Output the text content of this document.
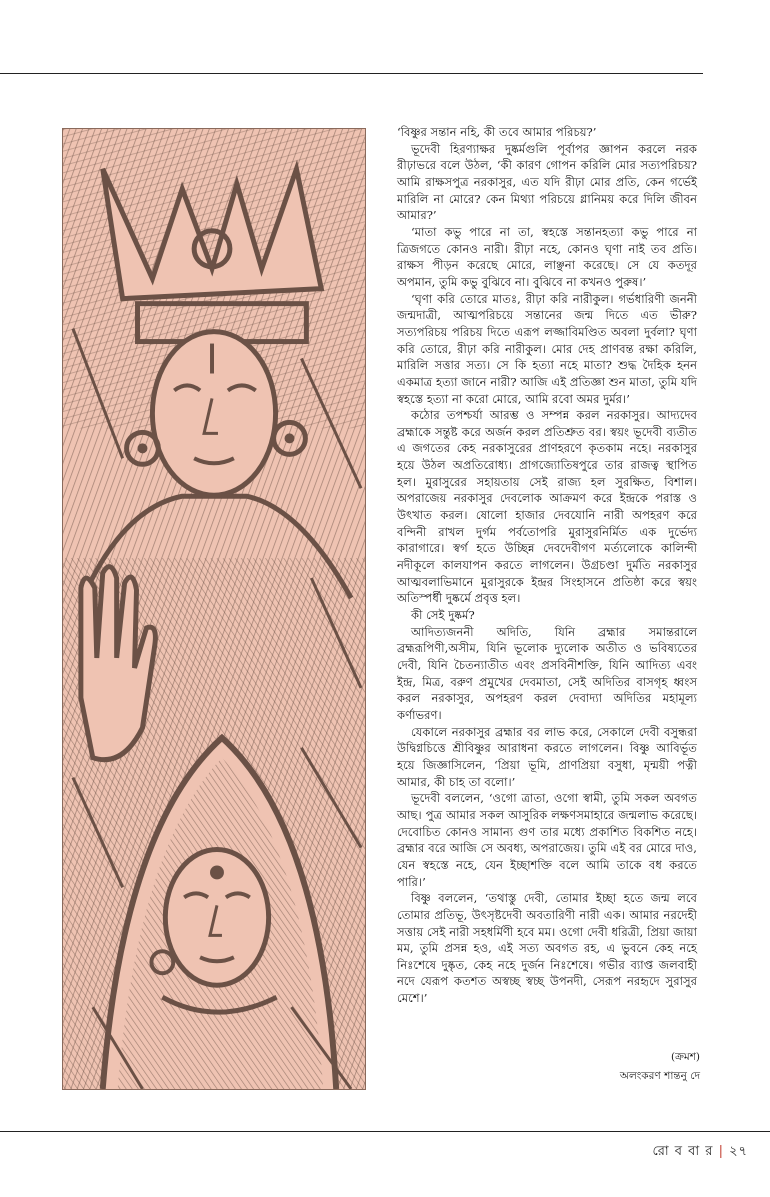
‘বিষ্ণুর সন্তান নহি, কী তবে আমার পরিচয়?’

ভূদেবী হিরণ্যাক্ষর দুষ্কর্মগুলি পূর্বাপর জ্ঞাপন করলে নরক রীঢ়াভরে বলে উঠল, ‘কী কারণ গোপন করিলি মোর সত্যপরিচয়? আমি রাক্ষসপুত্র নরকাসুর, এত যদি রীঢ়া মোর প্রতি, কেন গর্ভেই মারিলি না মোরে? কেন মিথ্যা পরিচয়ে গ্লানিময় করে দিলি জীবন আমার?’

‘মাতা কভু পারে না তা, স্বহস্তে সন্তানহত্যা কভু পারে না ত্রিজগতে কোনও নারী। রীঢ়া নহে, কোনও ঘৃণা নাই তব প্রতি। রাক্ষস পীড়ন করেছে মোরে, লাঞ্ছনা করেছে। সে যে কতদূর অপমান, তুমি কভু বুঝিবে না। বুঝিবে না কখনও পুরুষ।’

‘ঘৃণা করি তোরে মাতঃ, রীঢ়া করি নারীকুল। গর্ভধারিণী জননী জন্মদাত্রী, আত্মপরিচয়ে সন্তানের জন্ম দিতে এত ভীরু? সত্যপরিচয় পরিচয় দিতে এরূপ লজ্জাবিমণ্ডিত অবলা দুর্বলা? ঘৃণা করি তোরে, রীঢ়া করি নারীকুল। মোর দেহ প্রাণবন্ত রক্ষা করিলি, মারিলি সত্তার সত্য। সে কি হত্যা নহে মাতা? শুদ্ধ দৈহিক হনন একমাত্র হত্যা জানে নারী? আজি এই প্রতিজ্ঞা শুন মাতা, তুমি যদি স্বহস্তে হত্যা না করো মোরে, আমি রবো অমর দুর্মর।’

কঠোর তপশ্চর্যা আরম্ভ ও সম্পন্ন করল নরকাসুর। আদ্যদেব ব্রহ্মাকে সন্তুষ্ট করে অর্জন করল প্রতিশ্রুত বর। স্বয়ং ভূদেবী ব্যতীত এ জগতের কেহ নরকাসুরের প্রাণহরণে কৃতকাম নহে। নরকাসুর হয়ে উঠল অপ্রতিরোধ্য। প্রাগজ্যোতিষপুরে তার রাজত্ব স্থাপিত হল। মুরাসুরের সহায়তায় সেই রাজ্য হল সুরক্ষিত, বিশাল। অপরাজেয় নরকাসুর দেবলোক আক্রমণ করে ইন্দ্রকে পরাস্ত ও উৎখাত করল। ষোলো হাজার দেবযোনি নারী অপহরণ করে বন্দিনী রাখল দুর্গম পর্বতোপরি মুরাসুরনির্মিত এক দুর্ভেদ্য কারাগারে। স্বর্গ হতে উচ্ছিন্ন দেবদেবীগণ মর্ত্যলোকে কালিন্দী নদীকূলে কালযাপন করতে লাগলেন। উগ্রচণ্ডা দুর্মতি নরকাসুর আত্মবলাভিমানে মুরাসুরকে ইন্দ্রর সিংহাসনে প্রতিষ্ঠা করে স্বয়ং অতিস্পর্ধী দুষ্কর্মে প্রবৃত্ত হল।

কী সেই দুষ্কর্ম?

আদিত্যজননী অদিতি, যিনি ব্রহ্মার সমান্তরালে ব্রহ্মরূপিণী,অসীম, যিনি ভূলোক দ্যুলোক অতীত ও ভবিষ্যতের দেবী, যিনি চৈতন্যাতীত এবং প্রসবিনীশক্তি, যিনি আদিত্য এবং ইন্দ্র, মিত্র, বরুণ প্রমুখের দেবমাতা, সেই অদিতির বাসগৃহ ধ্বংস করল নরকাসুর, অপহরণ করল দেবাদ্যা অদিতির মহামূল্য কর্ণাভরণ।

যেকালে নরকাসুর ব্রহ্মার বর লাভ করে, সেকালে দেবী বসুন্ধরা উদ্বিগ্নচিত্তে শ্রীবিষ্ণুর আরাধনা করতে লাগলেন। বিষ্ণু আবির্ভূত হয়ে জিজ্ঞাসিলেন, ‘প্রিয়া ভূমি, প্রাণপ্রিয়া বসুধা, মৃন্ময়ী পত্নী আমার, কী চাহ তা বলো।’

ভূদেবী বললেন, ‘ওগো ত্রাতা, ওগো স্বামী, তুমি সকল অবগত আছ। পুত্র আমার সকল আসুরিক লক্ষণসমাহারে জন্মলাভ করেছে। দেবোচিত কোনও সামান্য গুণ তার মধ্যে প্রকাশিত বিকশিত নহে। ব্রহ্মার বরে আজি সে অবধ্য, অপরাজেয়। তুমি এই বর মোরে দাও, যেন স্বহস্তে নহে, যেন ইচ্ছাশক্তি বলে আমি তাকে বধ করতে পারি।’

বিষ্ণু বললেন, ‘তথাস্তু দেবী, তোমার ইচ্ছা হতে জন্ম লবে তোমার প্রতিভূ, উৎসৃষ্টদেবী অবতারিণী নারী এক। আমার নরদেহী সত্তায় সেই নারী সহধর্মিণী হবে মম। ওগো দেবী ধরিত্রী, প্রিয়া জায়া মম, তুমি প্রসন্ন হও, এই সত্য অবগত রহ, এ ভুবনে কেহ নহে নিঃশেষে দুষ্কৃত, কেহ নহে দুর্জন নিঃশেষে। গভীর ব্যাপ্ত জলবাহী নদে যেরূপ কতশত অস্বচ্ছ স্বচ্ছ উপনদী, সেরূপ নরহৃদে সুরাসুর মেশে।’

(ক্রমশ)
অলংকরণ শান্তনু দে
রো ব বা র | ২৭
